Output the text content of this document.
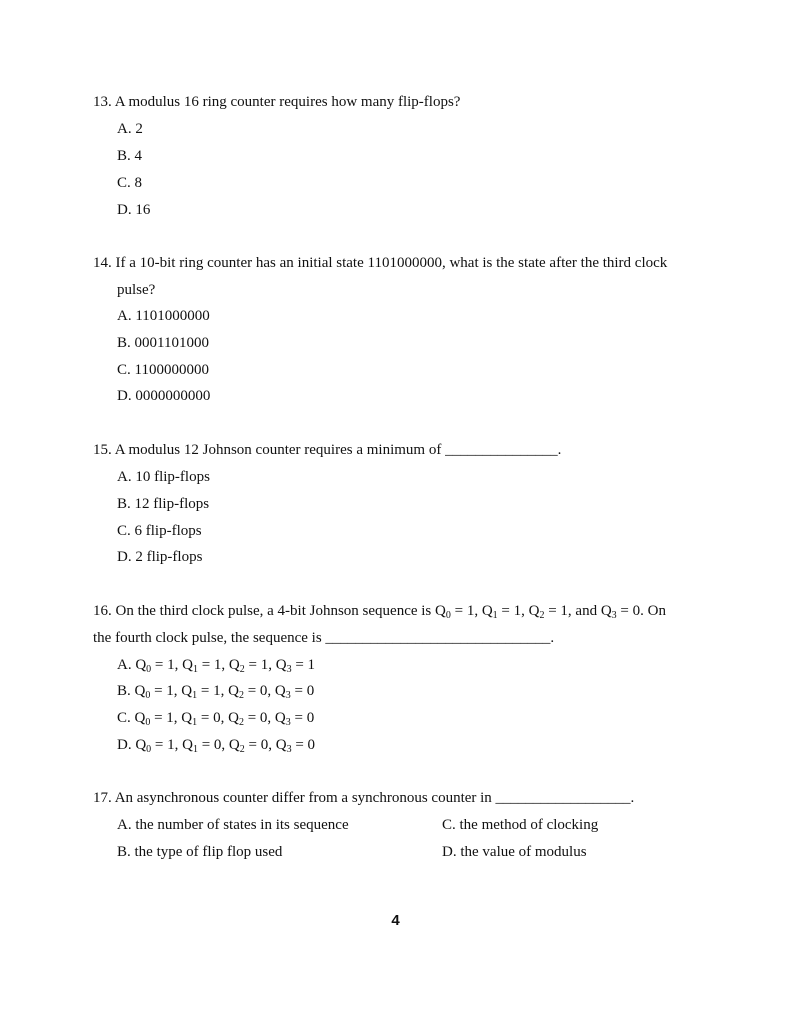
13. A modulus 16 ring counter requires how many flip-flops?
A. 2
B. 4
C. 8
D. 16
14. If a 10-bit ring counter has an initial state 1101000000, what is the state after the third clock
pulse?
A. 1101000000
B. 0001101000
C. 1100000000
D. 0000000000
15. A modulus 12 Johnson counter requires a minimum of _______________.
A. 10 flip-flops
B. 12 flip-flops
C. 6 flip-flops
D. 2 flip-flops
16. On the third clock pulse, a 4-bit Johnson sequence is $Q_0 = 1$, $Q_1 = 1$, $Q_2 = 1$, and $Q_3 = 0$. On
the fourth clock pulse, the sequence is ______________________________.
A. $Q_0 = 1$, $Q_1 = 1$, $Q_2 = 1$, $Q_3 = 1$
B. $Q_0 = 1$, $Q_1 = 1$, $Q_2 = 0$, $Q_3 = 0$
C. $Q_0 = 1$, $Q_1 = 0$, $Q_2 = 0$, $Q_3 = 0$
D. $Q_0 = 1$, $Q_1 = 0$, $Q_2 = 0$, $Q_3 = 0$
17. An asynchronous counter differ from a synchronous counter in __________________.
A. the number of states in its sequence	C. the method of clocking
B. the type of flip flop used	D. the value of modulus
4
